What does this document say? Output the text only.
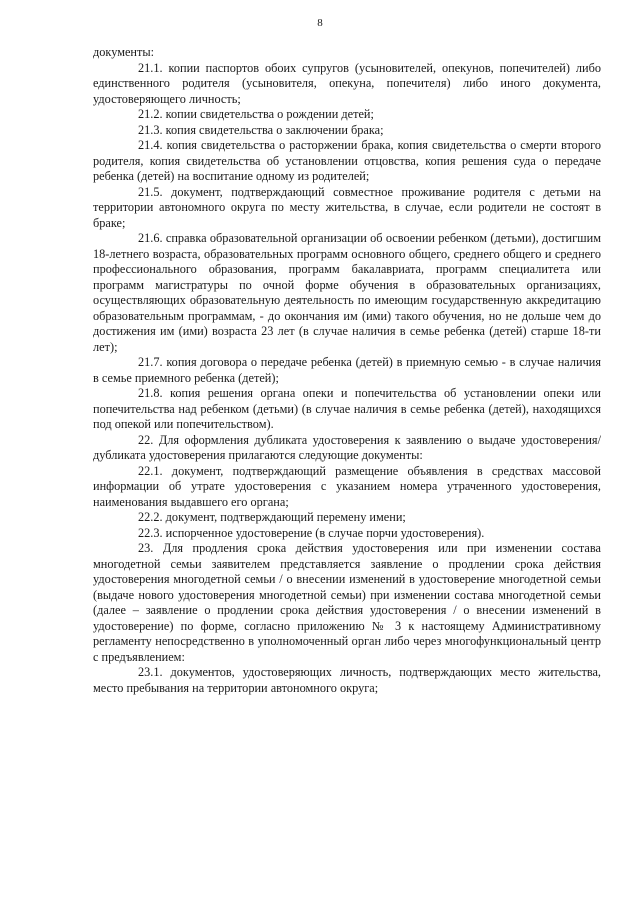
8

документы:

21.1. копии паспортов обоих супругов (усыновителей, опекунов, попечителей) либо единственного родителя (усыновителя, опекуна, попечителя) либо иного документа, удостоверяющего личность;

21.2. копии свидетельства о рождении детей;

21.3. копия свидетельства о заключении брака;

21.4. копия свидетельства о расторжении брака, копия свидетельства о смерти второго родителя, копия свидетельства об установлении отцовства, копия решения суда о передаче ребенка (детей) на воспитание одному из родителей;

21.5. документ, подтверждающий совместное проживание родителя с детьми на территории автономного округа по месту жительства, в случае, если родители не состоят в браке;

21.6. справка образовательной организации об освоении ребенком (детьми), достигшим 18-летнего возраста, образовательных программ основного общего, среднего общего и среднего профессионального образования, программ бакалавриата, программ специалитета или программ магистратуры по очной форме обучения в образовательных организациях, осуществляющих образовательную деятельность по имеющим государственную аккредитацию образовательным программам, - до окончания им (ими) такого обучения, но не дольше чем до достижения им (ими) возраста 23 лет (в случае наличия в семье ребенка (детей) старше 18-ти лет);

21.7. копия договора о передаче ребенка (детей) в приемную семью - в случае наличия в семье приемного ребенка (детей);

21.8. копия решения органа опеки и попечительства об установлении опеки или попечительства над ребенком (детьми) (в случае наличия в семье ребенка (детей), находящихся под опекой или попечительством).

22. Для оформления дубликата удостоверения к заявлению о выдаче удостоверения/ дубликата удостоверения прилагаются следующие документы:

22.1. документ, подтверждающий размещение объявления в средствах массовой информации об утрате удостоверения с указанием номера утраченного удостоверения, наименования выдавшего его органа;

22.2. документ, подтверждающий перемену имени;

22.3. испорченное удостоверение (в случае порчи удостоверения).

23. Для продления срока действия удостоверения или при изменении состава многодетной семьи заявителем представляется заявление о продлении срока действия удостоверения многодетной семьи / о внесении изменений в удостоверение многодетной семьи (выдаче нового удостоверения многодетной семьи) при изменении состава многодетной семьи (далее – заявление о продлении срока действия удостоверения / о внесении изменений в удостоверение) по форме, согласно приложению № 3 к настоящему Административному регламенту непосредственно в уполномоченный орган либо через многофункциональный центр с предъявлением:

23.1. документов, удостоверяющих личность, подтверждающих место жительства, место пребывания на территории автономного округа;
